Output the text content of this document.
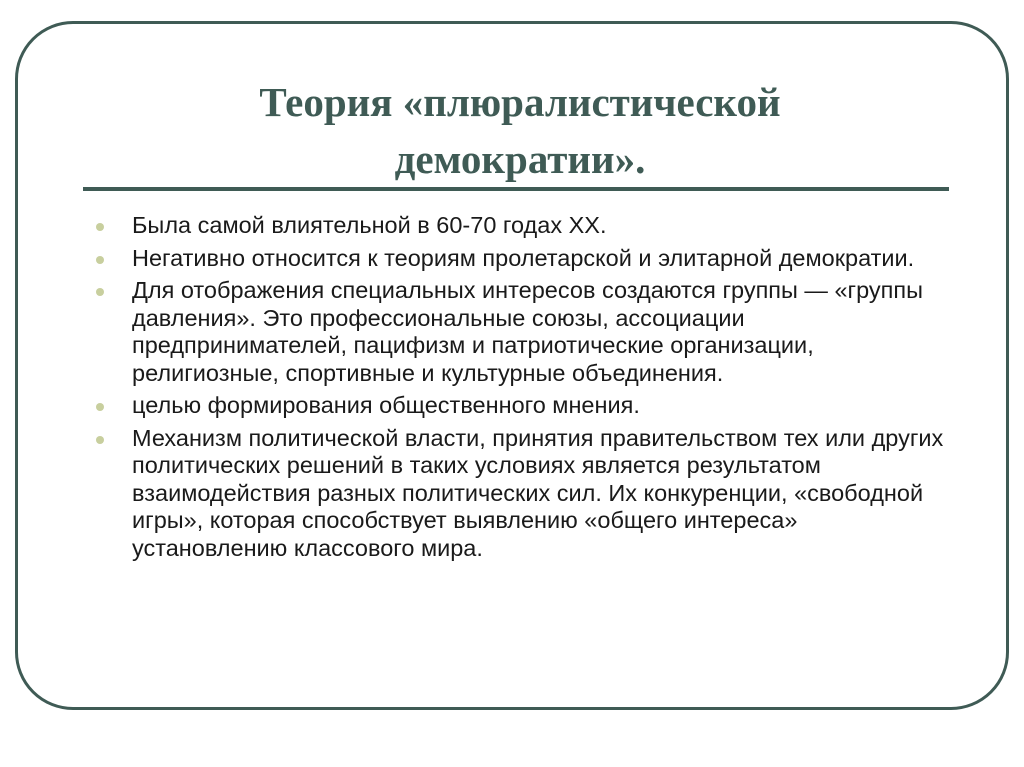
Теория «плюралистической демократии».
Была самой влиятельной в 60-70 годах XX.
Негативно относится к теориям пролетарской и элитарной демократии.
Для отображения специальных интересов создаются группы — «группы давления». Это профессиональные союзы, ассоциации предпринимателей, пацифизм и патриотические организации, религиозные, спортивные и культурные объединения.
целью формирования общественного мнения.
Механизм политической власти, принятия правительством тех или других политических решений в таких условиях является результатом взаимодействия разных политических сил. Их конкуренции, «свободной игры», которая способствует выявлению «общего интереса» установлению классового мира.
